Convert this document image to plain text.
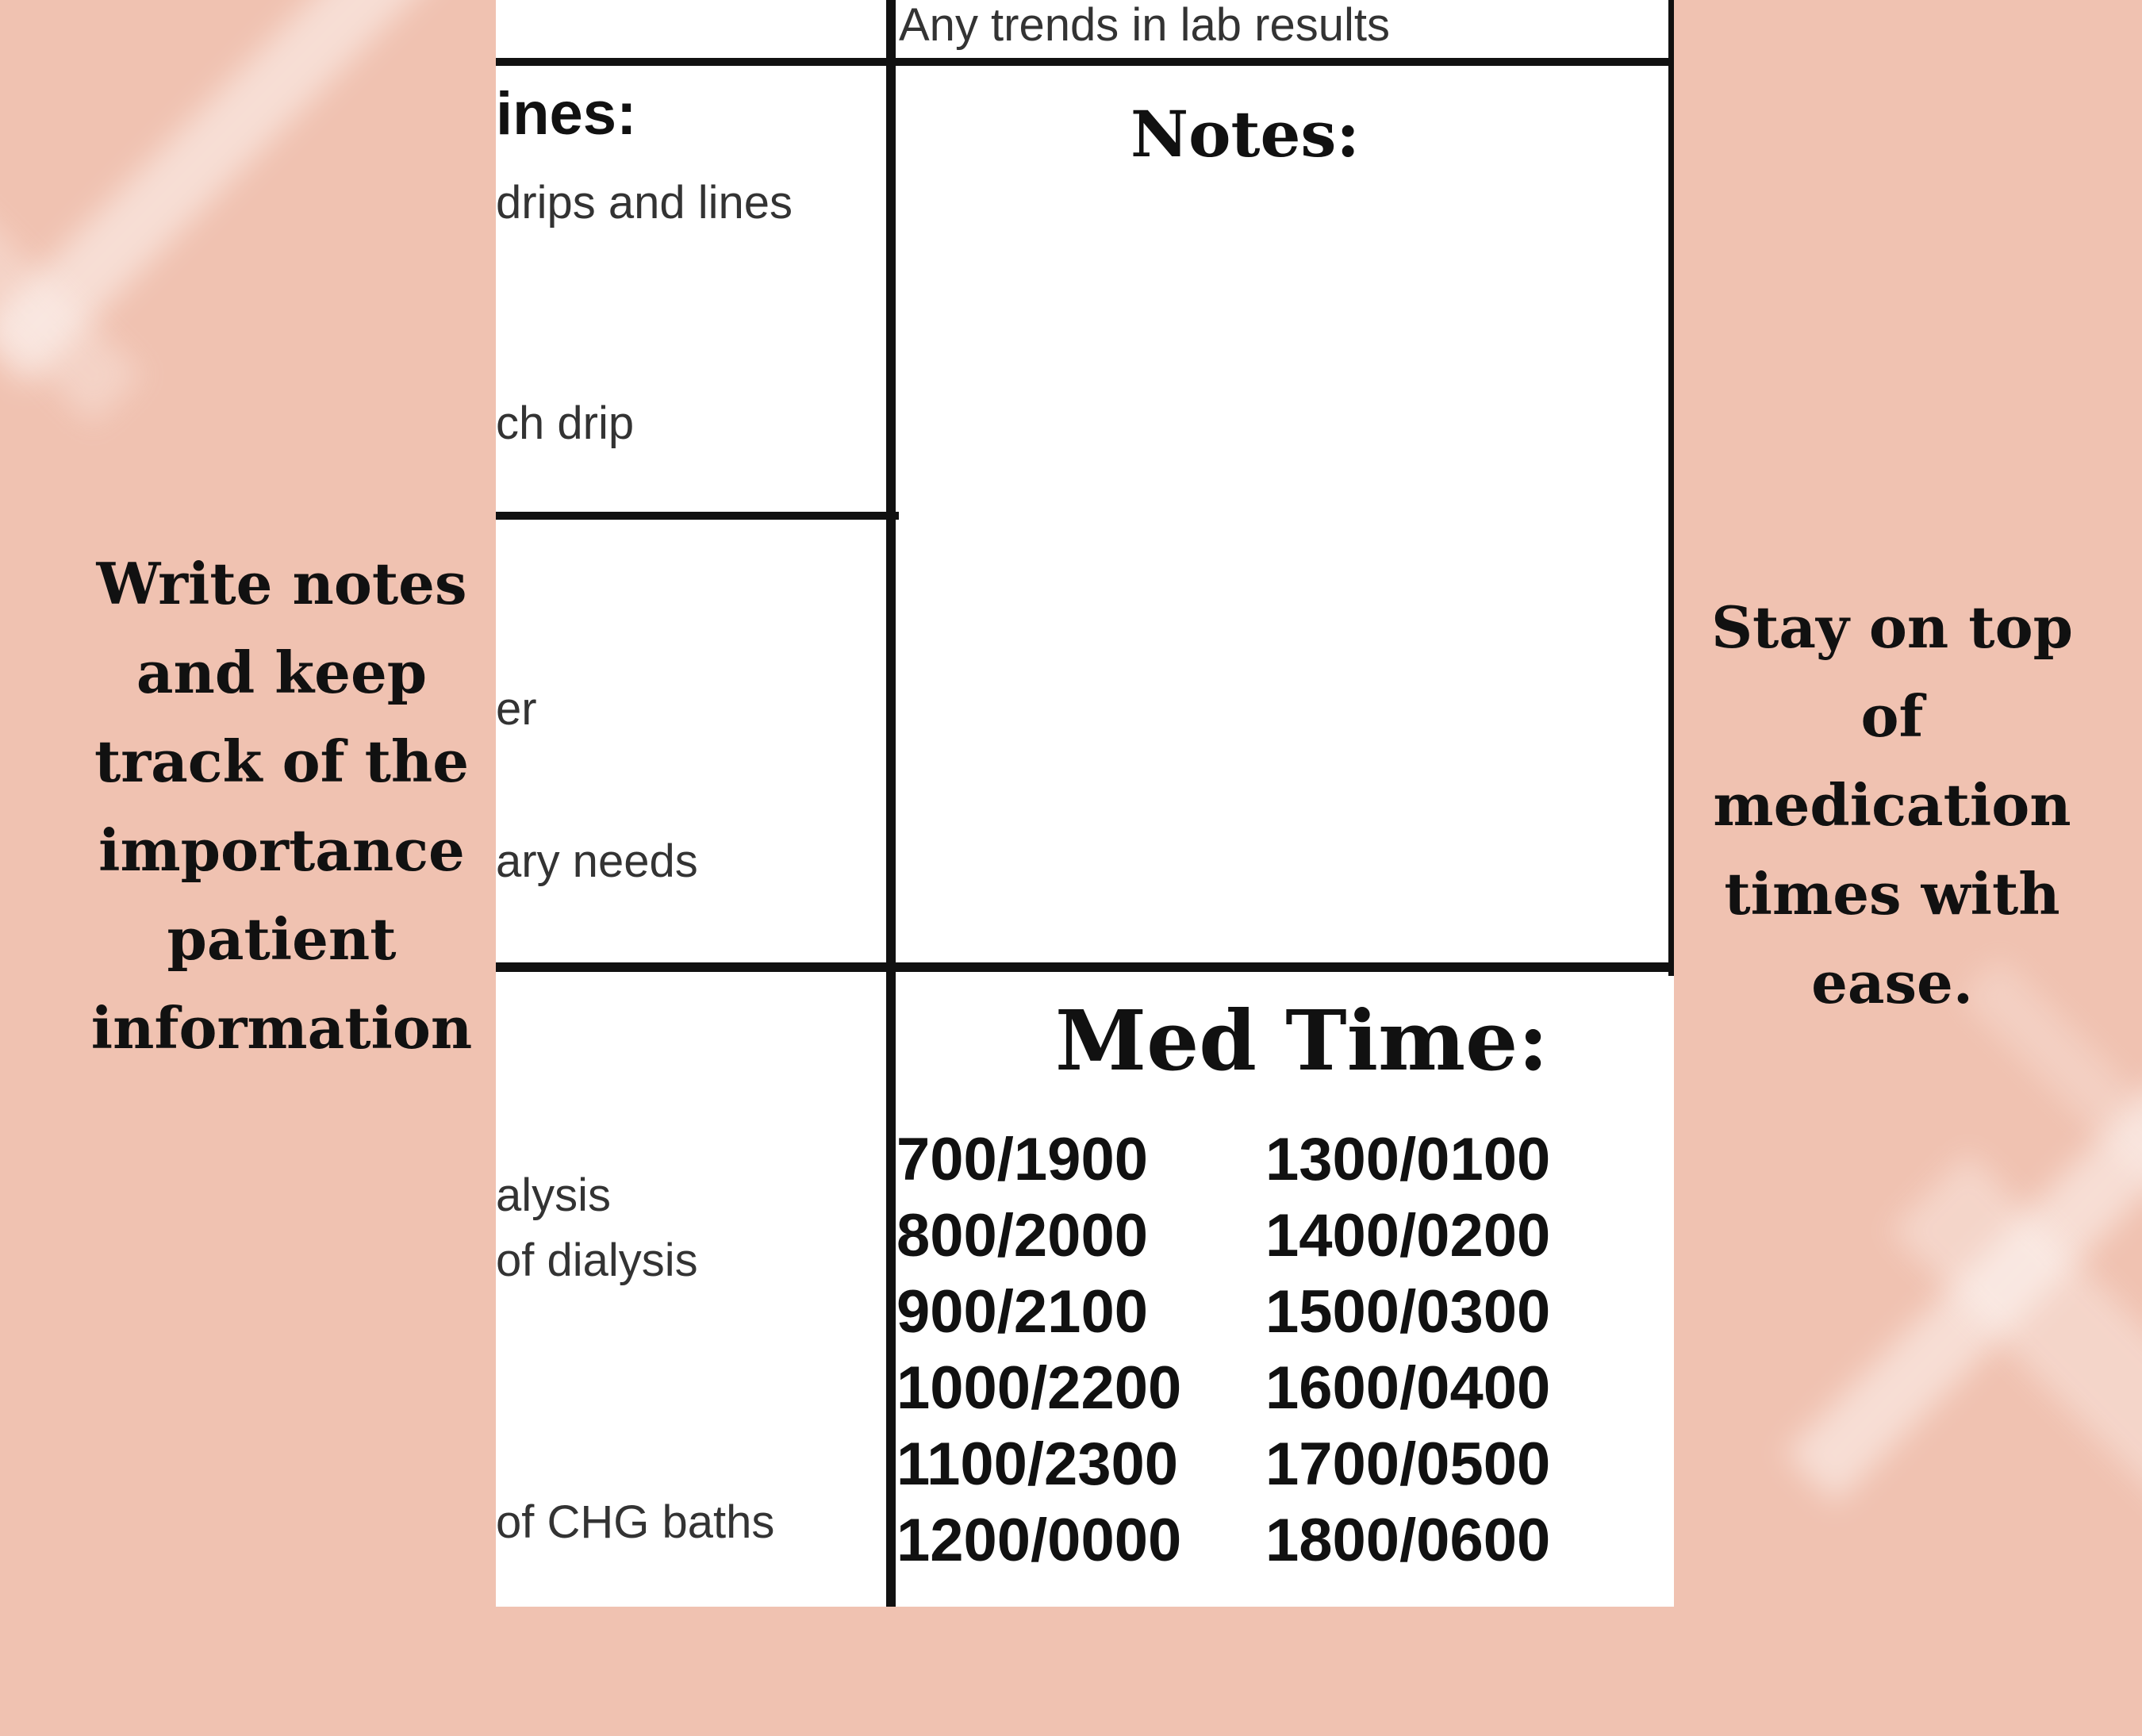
Write notes
and keep
track of the
importance
patient
information
Stay on top
of
medication
times with
ease.
Any trends in lab results
ines:
drips and lines
ch drip
er
ary needs
alysis
of dialysis
of CHG baths
Notes:
Med Time:
700/1900	1300/0100
800/2000	1400/0200
900/2100	1500/0300
1000/2200	1600/0400
1100/2300	1700/0500
1200/0000	1800/0600
